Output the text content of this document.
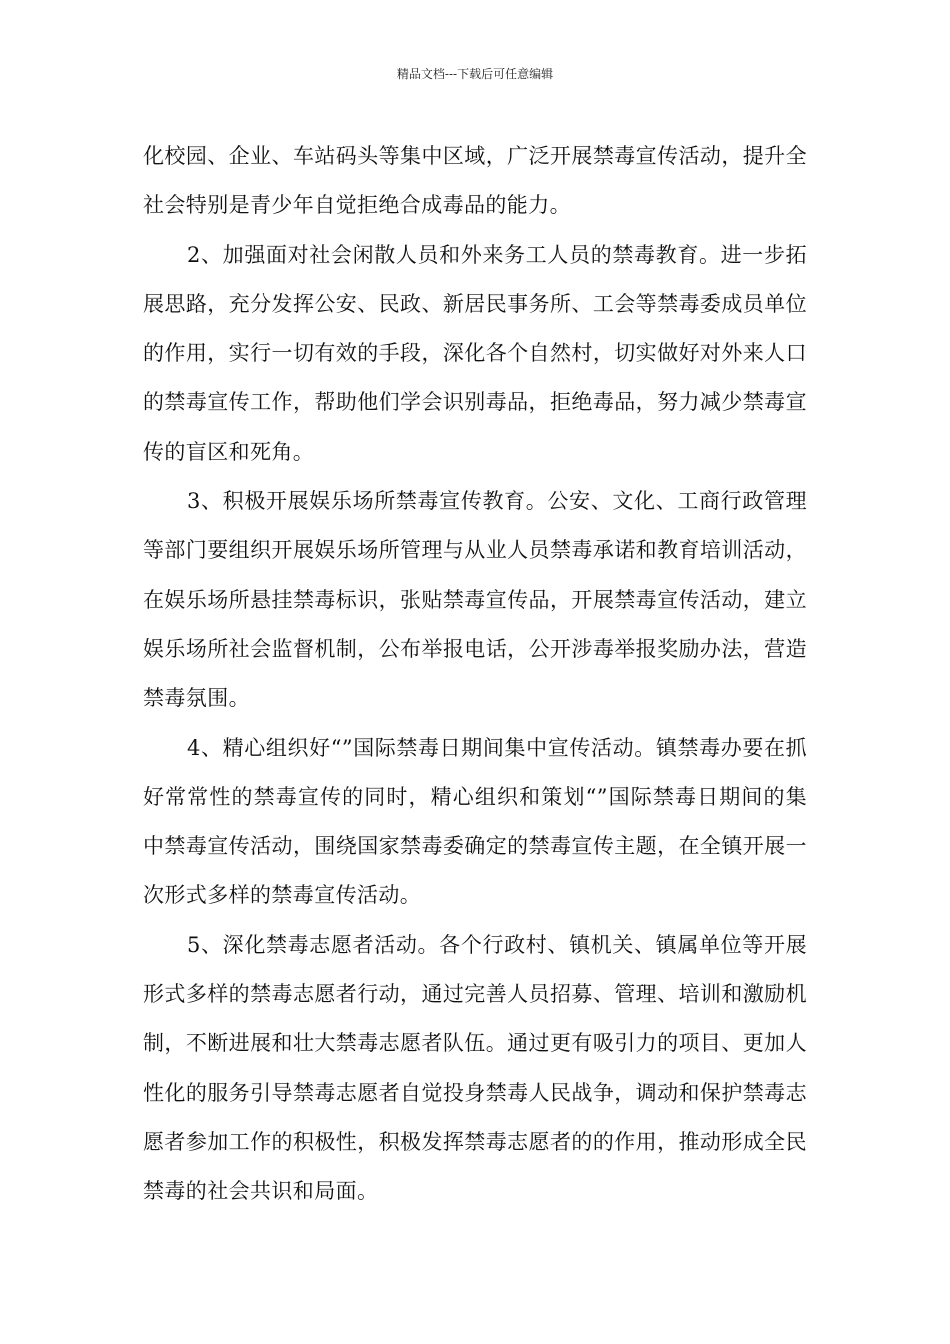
精品文档---下载后可任意编辑

化校园、企业、车站码头等集中区域，广泛开展禁毒宣传活动，提升全社会特别是青少年自觉拒绝合成毒品的能力。

2、加强面对社会闲散人员和外来务工人员的禁毒教育。进一步拓展思路，充分发挥公安、民政、新居民事务所、工会等禁毒委成员单位的作用，实行一切有效的手段，深化各个自然村，切实做好对外来人口的禁毒宣传工作，帮助他们学会识别毒品，拒绝毒品，努力减少禁毒宣传的盲区和死角。

3、积极开展娱乐场所禁毒宣传教育。公安、文化、工商行政管理等部门要组织开展娱乐场所管理与从业人员禁毒承诺和教育培训活动，在娱乐场所悬挂禁毒标识，张贴禁毒宣传品，开展禁毒宣传活动，建立娱乐场所社会监督机制，公布举报电话，公开涉毒举报奖励办法，营造禁毒氛围。

4、精心组织好“”国际禁毒日期间集中宣传活动。镇禁毒办要在抓好常常性的禁毒宣传的同时，精心组织和策划“”国际禁毒日期间的集中禁毒宣传活动，围绕国家禁毒委确定的禁毒宣传主题，在全镇开展一次形式多样的禁毒宣传活动。

5、深化禁毒志愿者活动。各个行政村、镇机关、镇属单位等开展形式多样的禁毒志愿者行动，通过完善人员招募、管理、培训和激励机制，不断进展和壮大禁毒志愿者队伍。通过更有吸引力的项目、更加人性化的服务引导禁毒志愿者自觉投身禁毒人民战争，调动和保护禁毒志愿者参加工作的积极性，积极发挥禁毒志愿者的的作用，推动形成全民禁毒的社会共识和局面。
